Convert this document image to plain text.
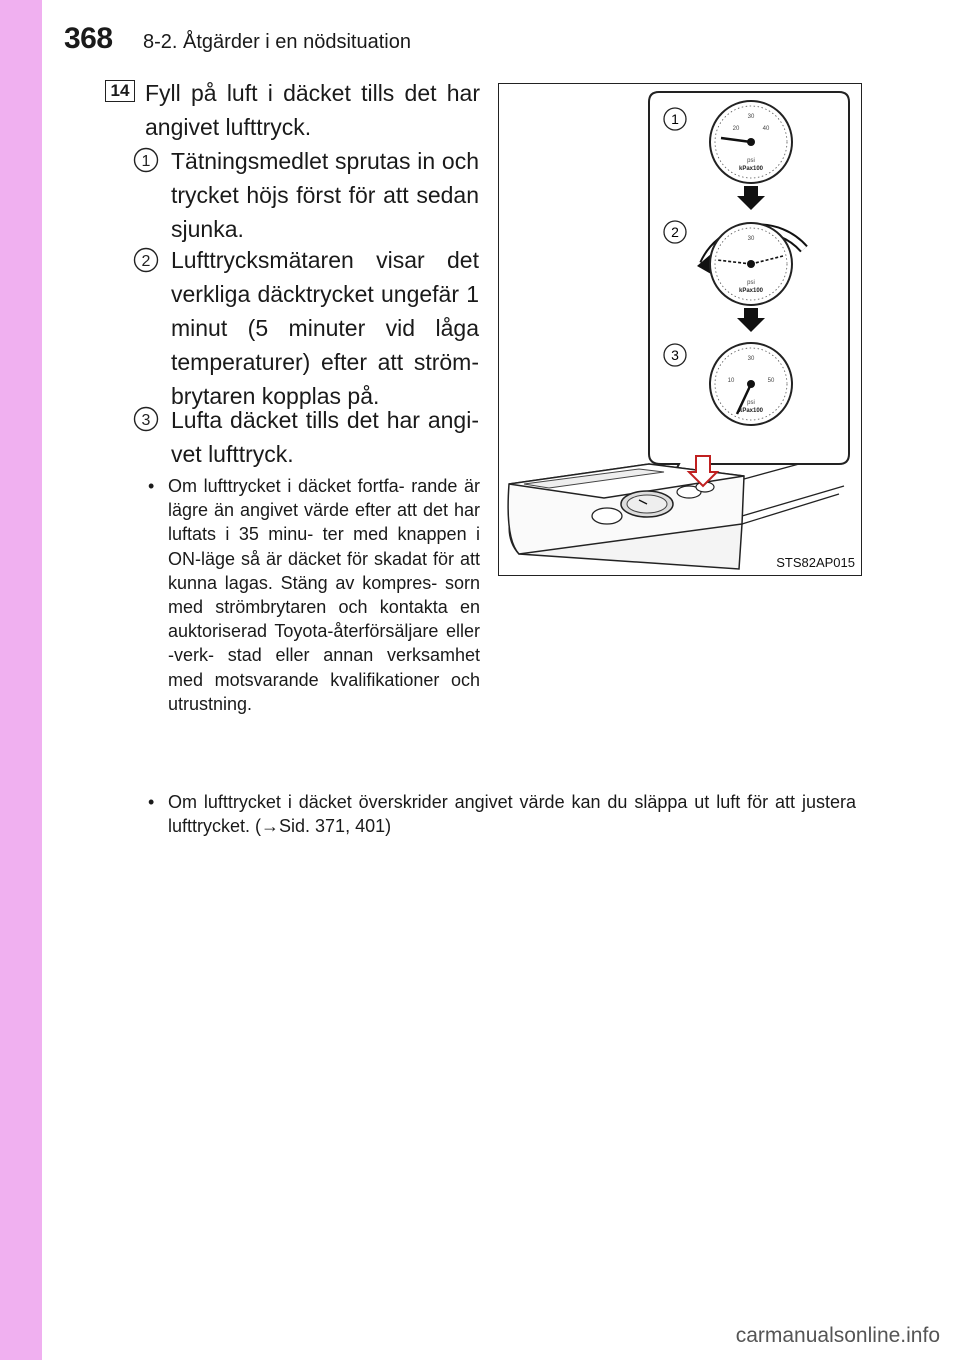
368 8-2. Åtgärder i en nödsituation
14 Fyll på luft i däcket tills det har angivet lufttryck.

1 Tätningsmedlet sprutas in och trycket höjs först för att sedan sjunka.

2 Lufttrycksmätaren visar det verkliga däcktrycket ungefär 1 minut (5 minuter vid låga temperaturer) efter att ström- brytaren kopplas på.

3 Lufta däcket tills det har angi- vet lufttryck.

• Om lufttrycket i däcket fortfa- rande är lägre än angivet värde efter att det har luftats i 35 minu- ter med knappen i ON-läge så är däcket för skadat för att kunna lagas. Stäng av kompres- sorn med strömbrytaren och kontakta en auktoriserad Toyota-återförsäljare eller -verk- stad eller annan verksamhet med motsvarande kvalifikationer och utrustning.
• Om lufttrycket i däcket överskrider angivet värde kan du släppa ut luft för att justera lufttrycket. (→Sid. 371, 401)
1
2
3
30
20	40
psi
kPax100
30
psi
kPax100
30
10	50
psi
kPax100
STS82AP015
carmanualsonline.info
